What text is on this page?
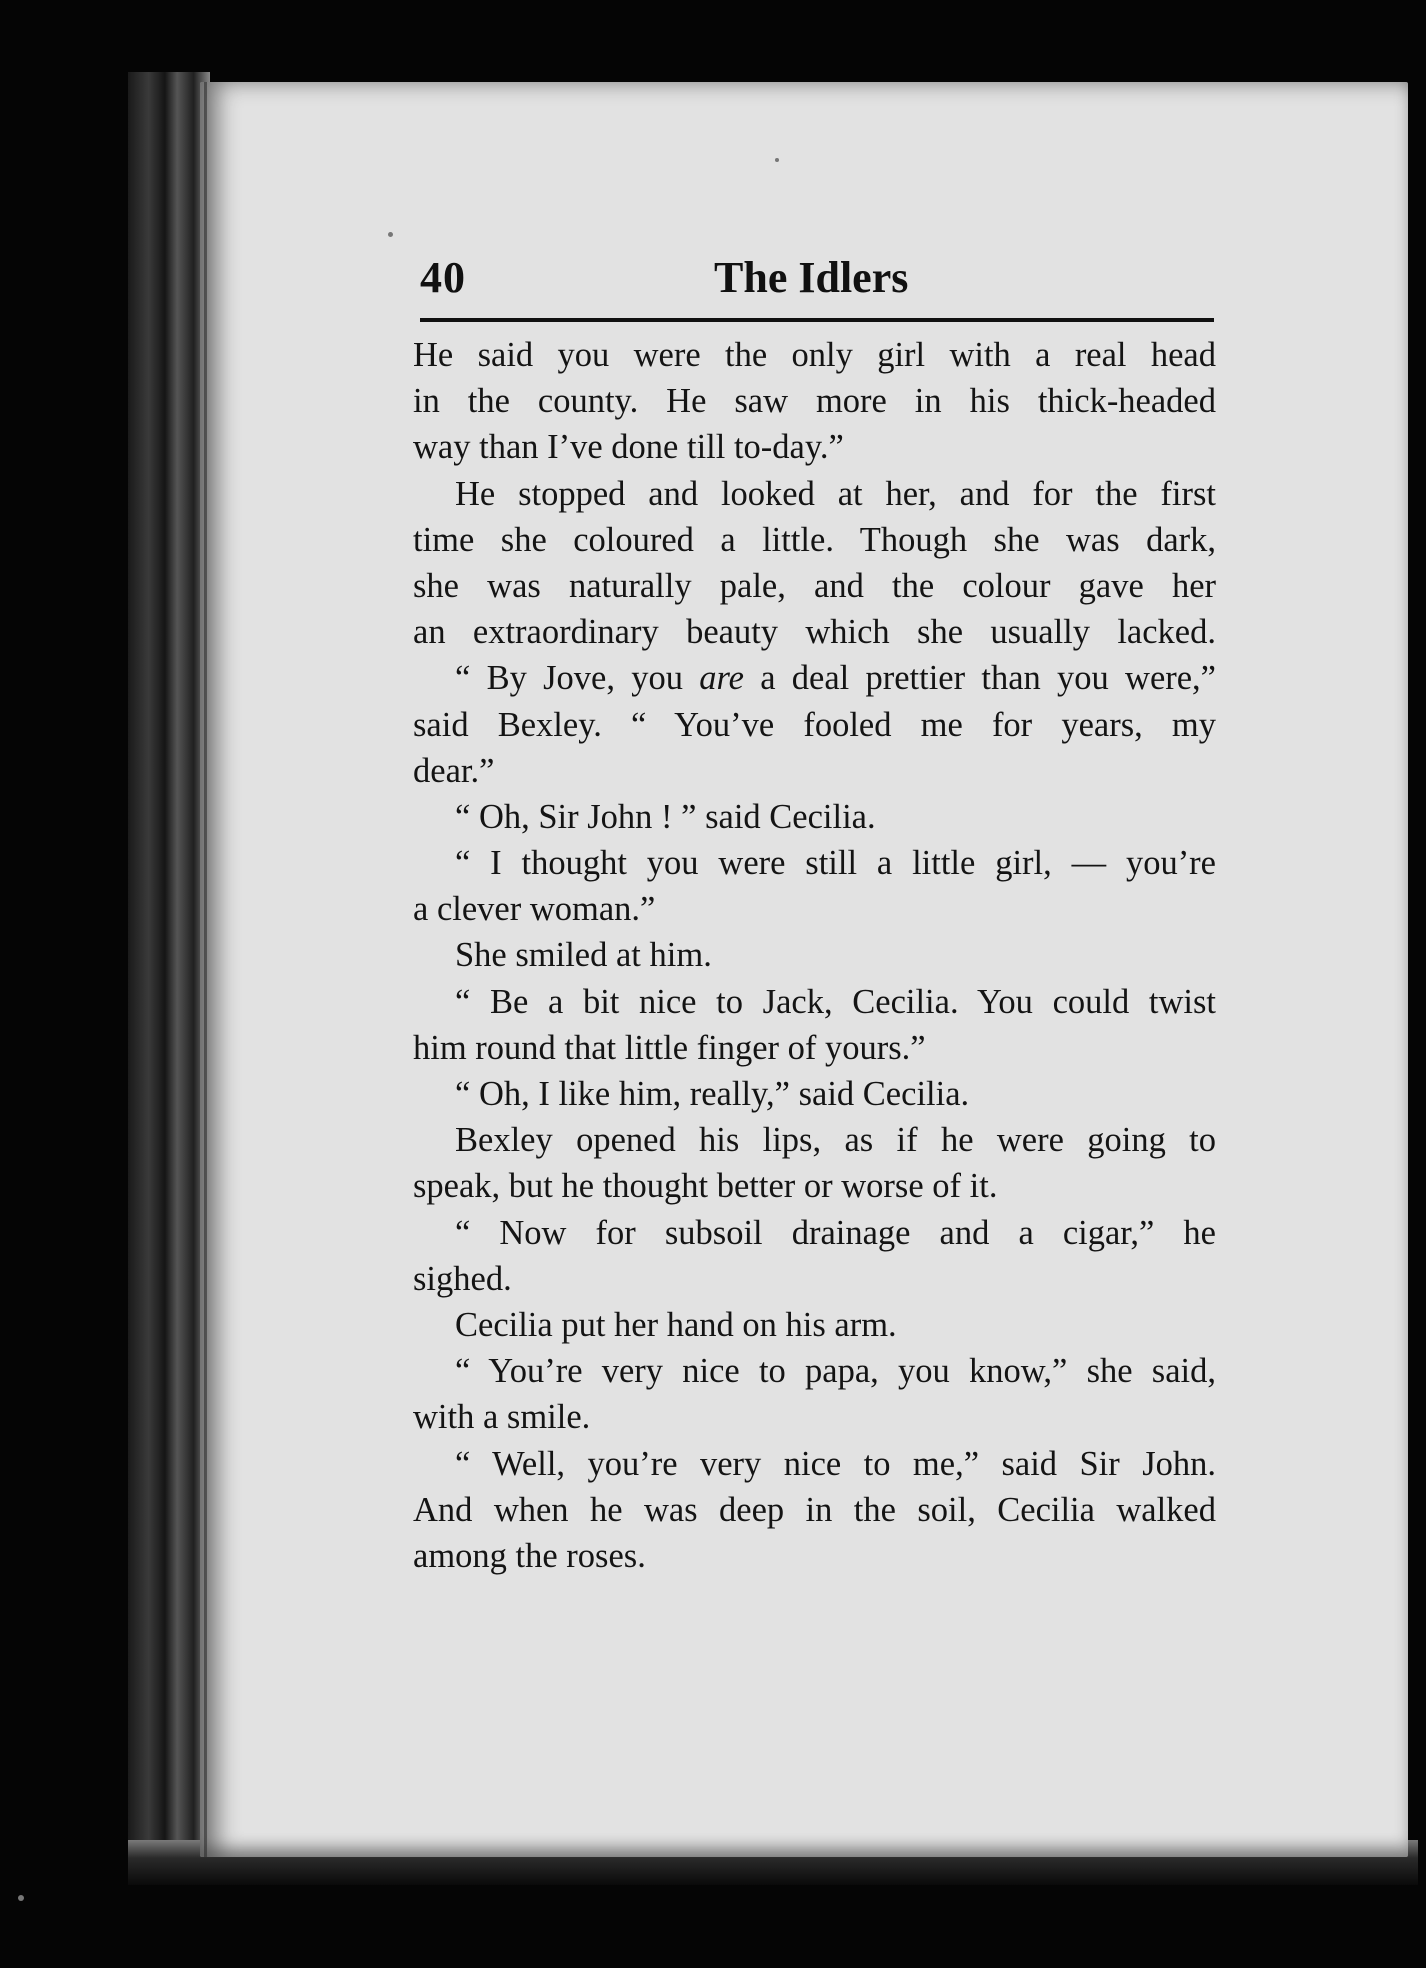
40	The Idlers
He said you were the only girl with a real head
in the county. He saw more in his thick-headed
way than I’ve done till to-day.”
He stopped and looked at her, and for the first
time she coloured a little. Though she was dark,
she was naturally pale, and the colour gave her
an extraordinary beauty which she usually lacked.
“ By Jove, you are a deal prettier than you were,”
said Bexley. “ You’ve fooled me for years, my
dear.”
“ Oh, Sir John ! ” said Cecilia.
“ I thought you were still a little girl, — you’re
a clever woman.”
She smiled at him.
“ Be a bit nice to Jack, Cecilia. You could twist
him round that little finger of yours.”
“ Oh, I like him, really,” said Cecilia.
Bexley opened his lips, as if he were going to
speak, but he thought better or worse of it.
“ Now for subsoil drainage and a cigar,” he
sighed.
Cecilia put her hand on his arm.
“ You’re very nice to papa, you know,” she said,
with a smile.
“ Well, you’re very nice to me,” said Sir John.
And when he was deep in the soil, Cecilia walked
among the roses.
